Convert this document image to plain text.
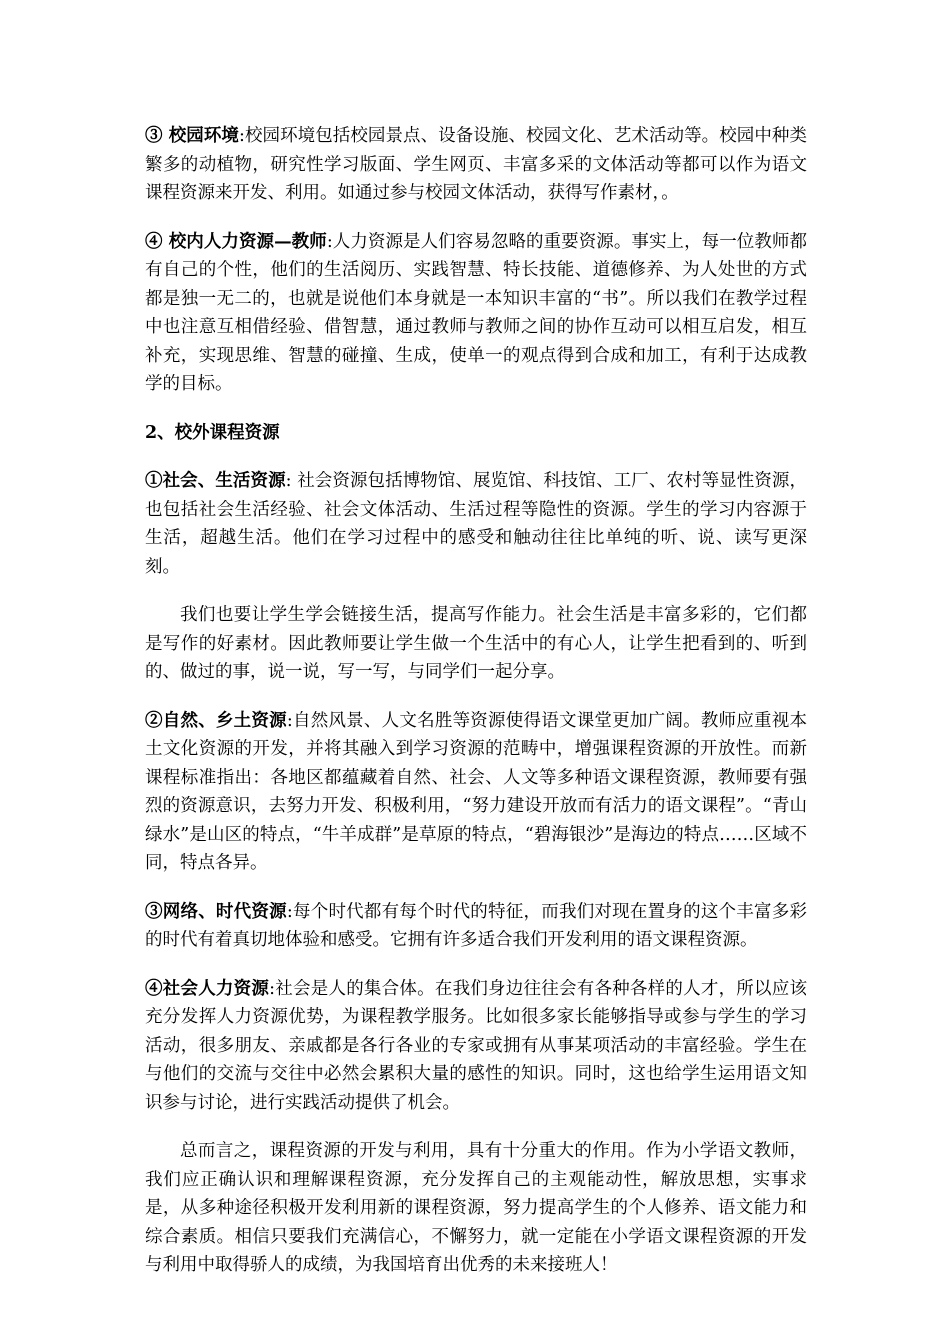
③ 校园环境:校园环境包括校园景点、设备设施、校园文化、艺术活动等。校园中种类繁多的动植物，研究性学习版面、学生网页、丰富多采的文体活动等都可以作为语文课程资源来开发、利用。如通过参与校园文体活动，获得写作素材，。

④ 校内人力资源—教师:人力资源是人们容易忽略的重要资源。事实上，每一位教师都有自己的个性，他们的生活阅历、实践智慧、特长技能、道德修养、为人处世的方式都是独一无二的，也就是说他们本身就是一本知识丰富的“书”。所以我们在教学过程中也注意互相借经验、借智慧，通过教师与教师之间的协作互动可以相互启发，相互补充，实现思维、智慧的碰撞、生成，使单一的观点得到合成和加工，有利于达成教学的目标。

2、校外课程资源

①社会、生活资源: 社会资源包括博物馆、展览馆、科技馆、工厂、农村等显性资源，也包括社会生活经验、社会文体活动、生活过程等隐性的资源。学生的学习内容源于生活，超越生活。他们在学习过程中的感受和触动往往比单纯的听、说、读写更深刻。

我们也要让学生学会链接生活，提高写作能力。社会生活是丰富多彩的，它们都是写作的好素材。因此教师要让学生做一个生活中的有心人，让学生把看到的、听到的、做过的事，说一说，写一写，与同学们一起分享。

②自然、乡土资源:自然风景、人文名胜等资源使得语文课堂更加广阔。教师应重视本土文化资源的开发，并将其融入到学习资源的范畴中，增强课程资源的开放性。而新课程标准指出：各地区都蕴藏着自然、社会、人文等多种语文课程资源，教师要有强烈的资源意识，去努力开发、积极利用，“努力建设开放而有活力的语文课程”。“青山绿水”是山区的特点，“牛羊成群”是草原的特点，“碧海银沙”是海边的特点……区域不同，特点各异。

③网络、时代资源:每个时代都有每个时代的特征，而我们对现在置身的这个丰富多彩的时代有着真切地体验和感受。它拥有许多适合我们开发利用的语文课程资源。

④社会人力资源:社会是人的集合体。在我们身边往往会有各种各样的人才，所以应该充分发挥人力资源优势，为课程教学服务。比如很多家长能够指导或参与学生的学习活动，很多朋友、亲戚都是各行各业的专家或拥有从事某项活动的丰富经验。学生在与他们的交流与交往中必然会累积大量的感性的知识。同时，这也给学生运用语文知识参与讨论，进行实践活动提供了机会。

总而言之，课程资源的开发与利用，具有十分重大的作用。作为小学语文教师，我们应正确认识和理解课程资源，充分发挥自己的主观能动性，解放思想，实事求是，从多种途径积极开发利用新的课程资源，努力提高学生的个人修养、语文能力和综合素质。相信只要我们充满信心，不懈努力，就一定能在小学语文课程资源的开发与利用中取得骄人的成绩，为我国培育出优秀的未来接班人！
